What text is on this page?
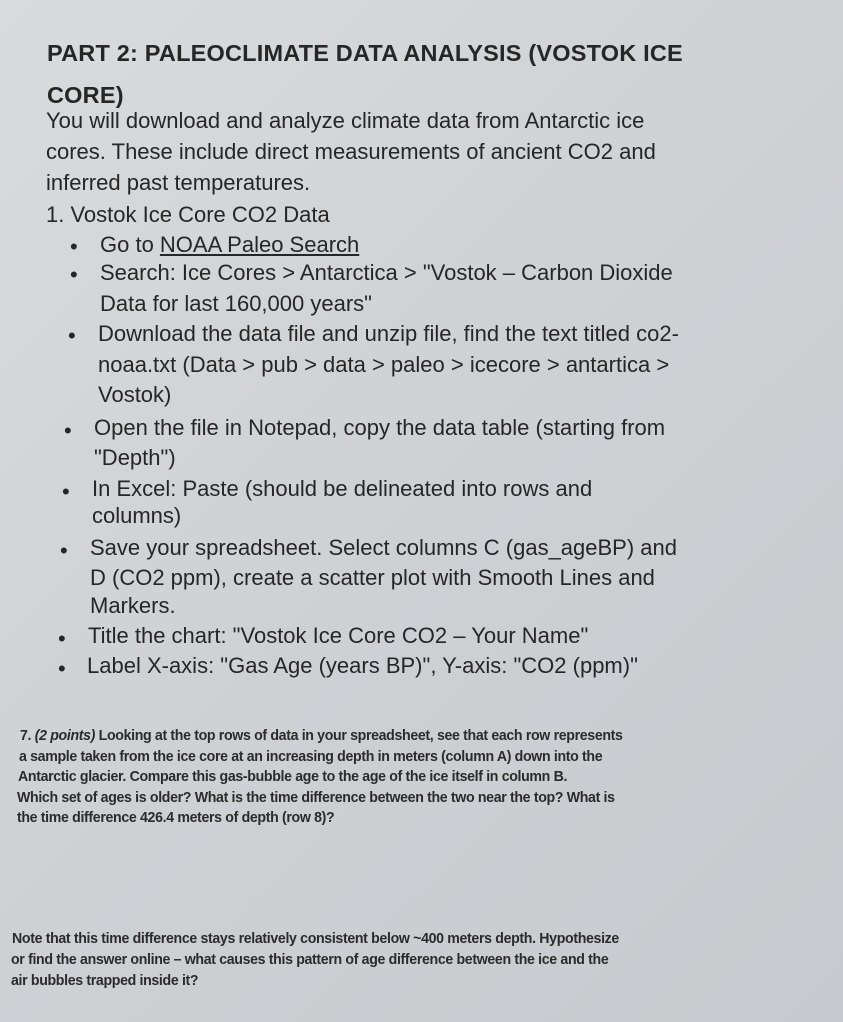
PART 2: PALEOCLIMATE DATA ANALYSIS (VOSTOK ICE
CORE)
You will download and analyze climate data from Antarctic ice
cores. These include direct measurements of ancient CO2 and
inferred past temperatures.
1. Vostok Ice Core CO2 Data
• Go to NOAA Paleo Search
• Search: Ice Cores > Antarctica > "Vostok – Carbon Dioxide
Data for last 160,000 years"
• Download the data file and unzip file, find the text titled co2-
noaa.txt (Data > pub > data > paleo > icecore > antartica >
Vostok)
• Open the file in Notepad, copy the data table (starting from
"Depth")
• In Excel: Paste (should be delineated into rows and
columns)
• Save your spreadsheet. Select columns C (gas_ageBP) and
D (CO2 ppm), create a scatter plot with Smooth Lines and
Markers.
• Title the chart: "Vostok Ice Core CO2 – Your Name"
• Label X-axis: "Gas Age (years BP)", Y-axis: "CO2 (ppm)"
7. (2 points) Looking at the top rows of data in your spreadsheet, see that each row represents
a sample taken from the ice core at an increasing depth in meters (column A) down into the
Antarctic glacier. Compare this gas-bubble age to the age of the ice itself in column B.
Which set of ages is older? What is the time difference between the two near the top? What is
the time difference 426.4 meters of depth (row 8)?
Note that this time difference stays relatively consistent below ~400 meters depth. Hypothesize
or find the answer online – what causes this pattern of age difference between the ice and the
air bubbles trapped inside it?
